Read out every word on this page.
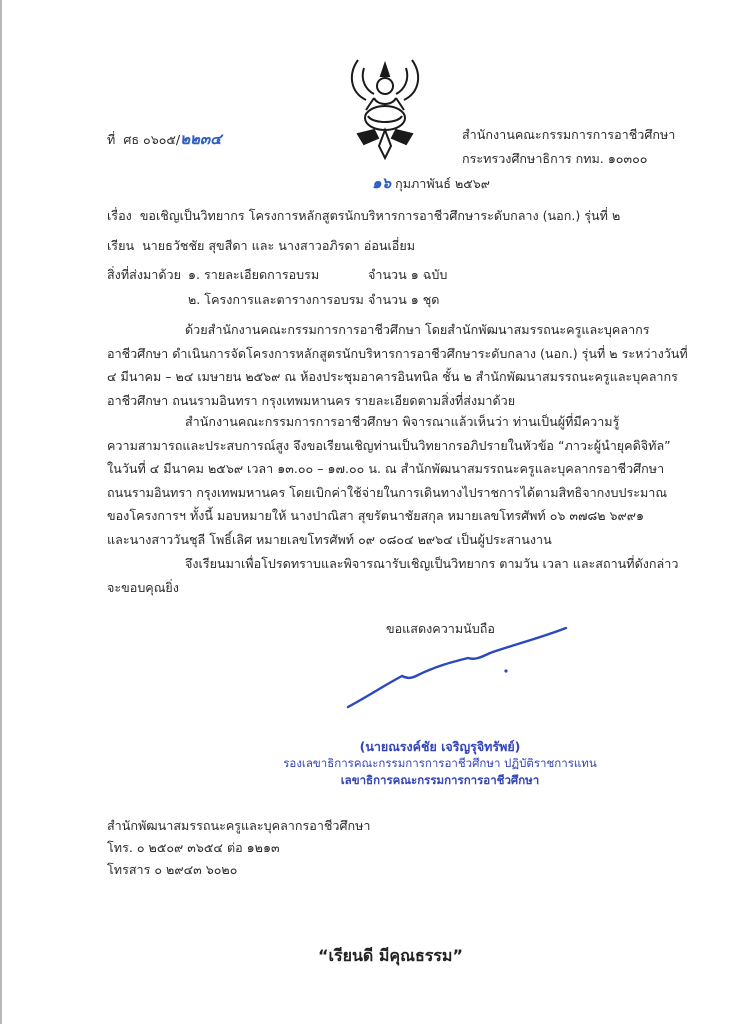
ที่ ศธ ๐๖๐๕/๒๒๓๔	สำนักงานคณะกรรมการการอาชีวศึกษา
กระทรวงศึกษาธิการ กทม. ๑๐๓๐๐
๑๖ กุมภาพันธ์ ๒๕๖๙
เรื่อง ขอเชิญเป็นวิทยากร โครงการหลักสูตรนักบริหารการอาชีวศึกษาระดับกลาง (นอก.) รุ่นที่ ๒
เรียน นายธวัชชัย สุขสีดา และ นางสาวอภิรดา อ่อนเอี่ยม
สิ่งที่ส่งมาด้วย ๑. รายละเอียดการอบรม	จำนวน ๑ ฉบับ
๒. โครงการและตารางการอบรม จำนวน ๑ ชุด
ด้วยสำนักงานคณะกรรมการการอาชีวศึกษา โดยสำนักพัฒนาสมรรถนะครูและบุคลากร
อาชีวศึกษา ดำเนินการจัดโครงการหลักสูตรนักบริหารการอาชีวศึกษาระดับกลาง (นอก.) รุ่นที่ ๒ ระหว่างวันที่
๔ มีนาคม – ๒๔ เมษายน ๒๕๖๙ ณ ห้องประชุมอาคารอินทนิล ชั้น ๒ สำนักพัฒนาสมรรถนะครูและบุคลากร
อาชีวศึกษา ถนนรามอินทรา กรุงเทพมหานคร รายละเอียดตามสิ่งที่ส่งมาด้วย
สำนักงานคณะกรรมการการอาชีวศึกษา พิจารณาแล้วเห็นว่า ท่านเป็นผู้ที่มีความรู้
ความสามารถและประสบการณ์สูง จึงขอเรียนเชิญท่านเป็นวิทยากรอภิปรายในหัวข้อ “ภาวะผู้นำยุคดิจิทัล”
ในวันที่ ๔ มีนาคม ๒๕๖๙ เวลา ๑๓.๐๐ – ๑๗.๐๐ น. ณ สำนักพัฒนาสมรรถนะครูและบุคลากรอาชีวศึกษา
ถนนรามอินทรา กรุงเทพมหานคร โดยเบิกค่าใช้จ่ายในการเดินทางไปราชการได้ตามสิทธิจากงบประมาณ
ของโครงการฯ ทั้งนี้ มอบหมายให้ นางปาณิสา สุขรัตนาชัยสกุล หมายเลขโทรศัพท์ ๐๖ ๓๗๘๒ ๖๙๙๑
และนางสาววันชุลี โพธิ์เลิศ หมายเลขโทรศัพท์ ๐๙ ๐๘๐๔ ๒๙๖๔ เป็นผู้ประสานงาน
จึงเรียนมาเพื่อโปรดทราบและพิจารณารับเชิญเป็นวิทยากร ตามวัน เวลา และสถานที่ดังกล่าว
จะขอบคุณยิ่ง
ขอแสดงความนับถือ
(นายณรงค์ชัย เจริญรุจิทรัพย์)
รองเลขาธิการคณะกรรมการการอาชีวศึกษา ปฏิบัติราชการแทน
เลขาธิการคณะกรรมการการอาชีวศึกษา
สำนักพัฒนาสมรรถนะครูและบุคลากรอาชีวศึกษา
โทร. ๐ ๒๕๐๙ ๓๖๕๔ ต่อ ๑๒๑๓
โทรสาร ๐ ๒๙๔๓ ๖๐๒๐
“เรียนดี มีคุณธรรม”
